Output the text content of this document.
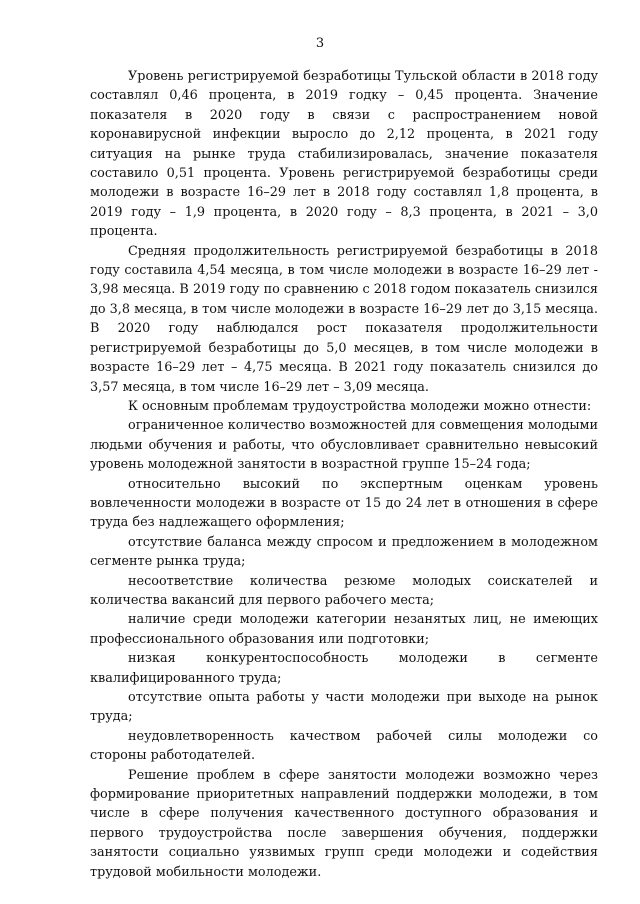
3

Уровень регистрируемой безработицы Тульской области в 2018 году составлял 0,46 процента, в 2019 годку – 0,45 процента. Значение показателя в 2020 году в связи с распространением новой коронавирусной инфекции выросло до 2,12 процента, в 2021 году ситуация на рынке труда стабилизировалась, значение показателя составило 0,51 процента. Уровень регистрируемой безработицы среди молодежи в возрасте 16–29 лет в 2018 году составлял 1,8 процента, в 2019 году – 1,9 процента, в 2020 году – 8,3 процента, в 2021 – 3,0 процента.

Средняя продолжительность регистрируемой безработицы в 2018 году составила 4,54 месяца, в том числе молодежи в возрасте 16–29 лет - 3,98 месяца. В 2019 году по сравнению с 2018 годом показатель снизился до 3,8 месяца, в том числе молодежи в возрасте 16–29 лет до 3,15 месяца. В 2020 году наблюдался рост показателя продолжительности регистрируемой безработицы до 5,0 месяцев, в том числе молодежи в возрасте 16–29 лет – 4,75 месяца. В 2021 году показатель снизился до 3,57 месяца, в том числе 16–29 лет – 3,09 месяца.

К основным проблемам трудоустройства молодежи можно отнести:

ограниченное количество возможностей для совмещения молодыми людьми обучения и работы, что обусловливает сравнительно невысокий уровень молодежной занятости в возрастной группе 15–24 года;

относительно высокий по экспертным оценкам уровень вовлеченности молодежи в возрасте от 15 до 24 лет в отношения в сфере труда без надлежащего оформления;

отсутствие баланса между спросом и предложением в молодежном сегменте рынка труда;

несоответствие количества резюме молодых соискателей и количества вакансий для первого рабочего места;

наличие среди молодежи категории незанятых лиц, не имеющих профессионального образования или подготовки;

низкая конкурентоспособность молодежи в сегменте квалифицированного труда;

отсутствие опыта работы у части молодежи при выходе на рынок труда;

неудовлетворенность качеством рабочей силы молодежи со стороны работодателей.

Решение проблем в сфере занятости молодежи возможно через формирование приоритетных направлений поддержки молодежи, в том числе в сфере получения качественного доступного образования и первого трудоустройства после завершения обучения, поддержки занятости социально уязвимых групп среди молодежи и содействия трудовой мобильности молодежи.
